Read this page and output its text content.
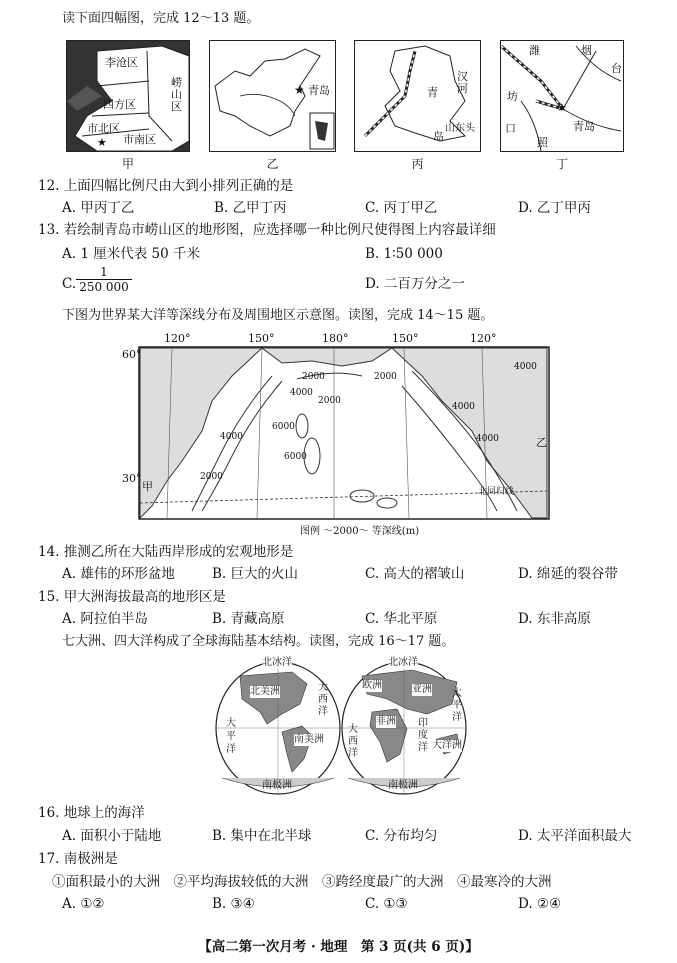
读下面四幅图，完成 12～13 题。
李沧区
崂山区
四方区
市北区
市南区
★
甲
★ 青岛
乙
青
岛
汉河
山东头
丙
★
潍	烟
台
坊
口
照
青岛
丁
12. 上面四幅比例尺由大到小排列正确的是
A. 甲丙丁乙	B. 乙甲丁丙	C. 丙丁甲乙	D. 乙丁甲丙
13. 若绘制青岛市崂山区的地形图，应选择哪一种比例尺使得图上内容最详细
A. 1 厘米代表 50 千米	B. 1∶50 000
C.
1
250 000	D. 二百万分之一
下图为世界某大洋等深线分布及周围地区示意图。读图，完成 14～15 题。
120°	150°	180°	150°	120°
60°
30°
2000
4000
2000
6000
6000
4000
2000
4000
2000
4000
4000
甲
乙
北回归线
图例 ～2000～ 等深线(m)
14. 推测乙所在大陆西岸形成的宏观地形是
A. 雄伟的环形盆地	B. 巨大的火山	C. 高大的褶皱山	D. 绵延的裂谷带
15. 甲大洲海拔最高的地形区是
A. 阿拉伯半岛	B. 青藏高原	C. 华北平原	D. 东非高原
七大洲、四大洋构成了全球海陆基本结构。读图，完成 16～17 题。
北冰洋
北美洲	大
西
洋
大
平
洋
南美洲
南极洲
北冰洋
欧洲	亚洲 太
平
洋
非洲
大
西
洋
印
度
洋 大洋洲
南极洲
16. 地球上的海洋
A. 面积小于陆地	B. 集中在北半球	C. 分布均匀	D. 太平洋面积最大
17. 南极洲是
①面积最小的大洲　②平均海拔较低的大洲　③跨经度最广的大洲　④最寒冷的大洲
A. ①②	B. ③④	C. ①③	D. ②④
【高二第一次月考 · 地理　第 3 页(共 6 页)】
